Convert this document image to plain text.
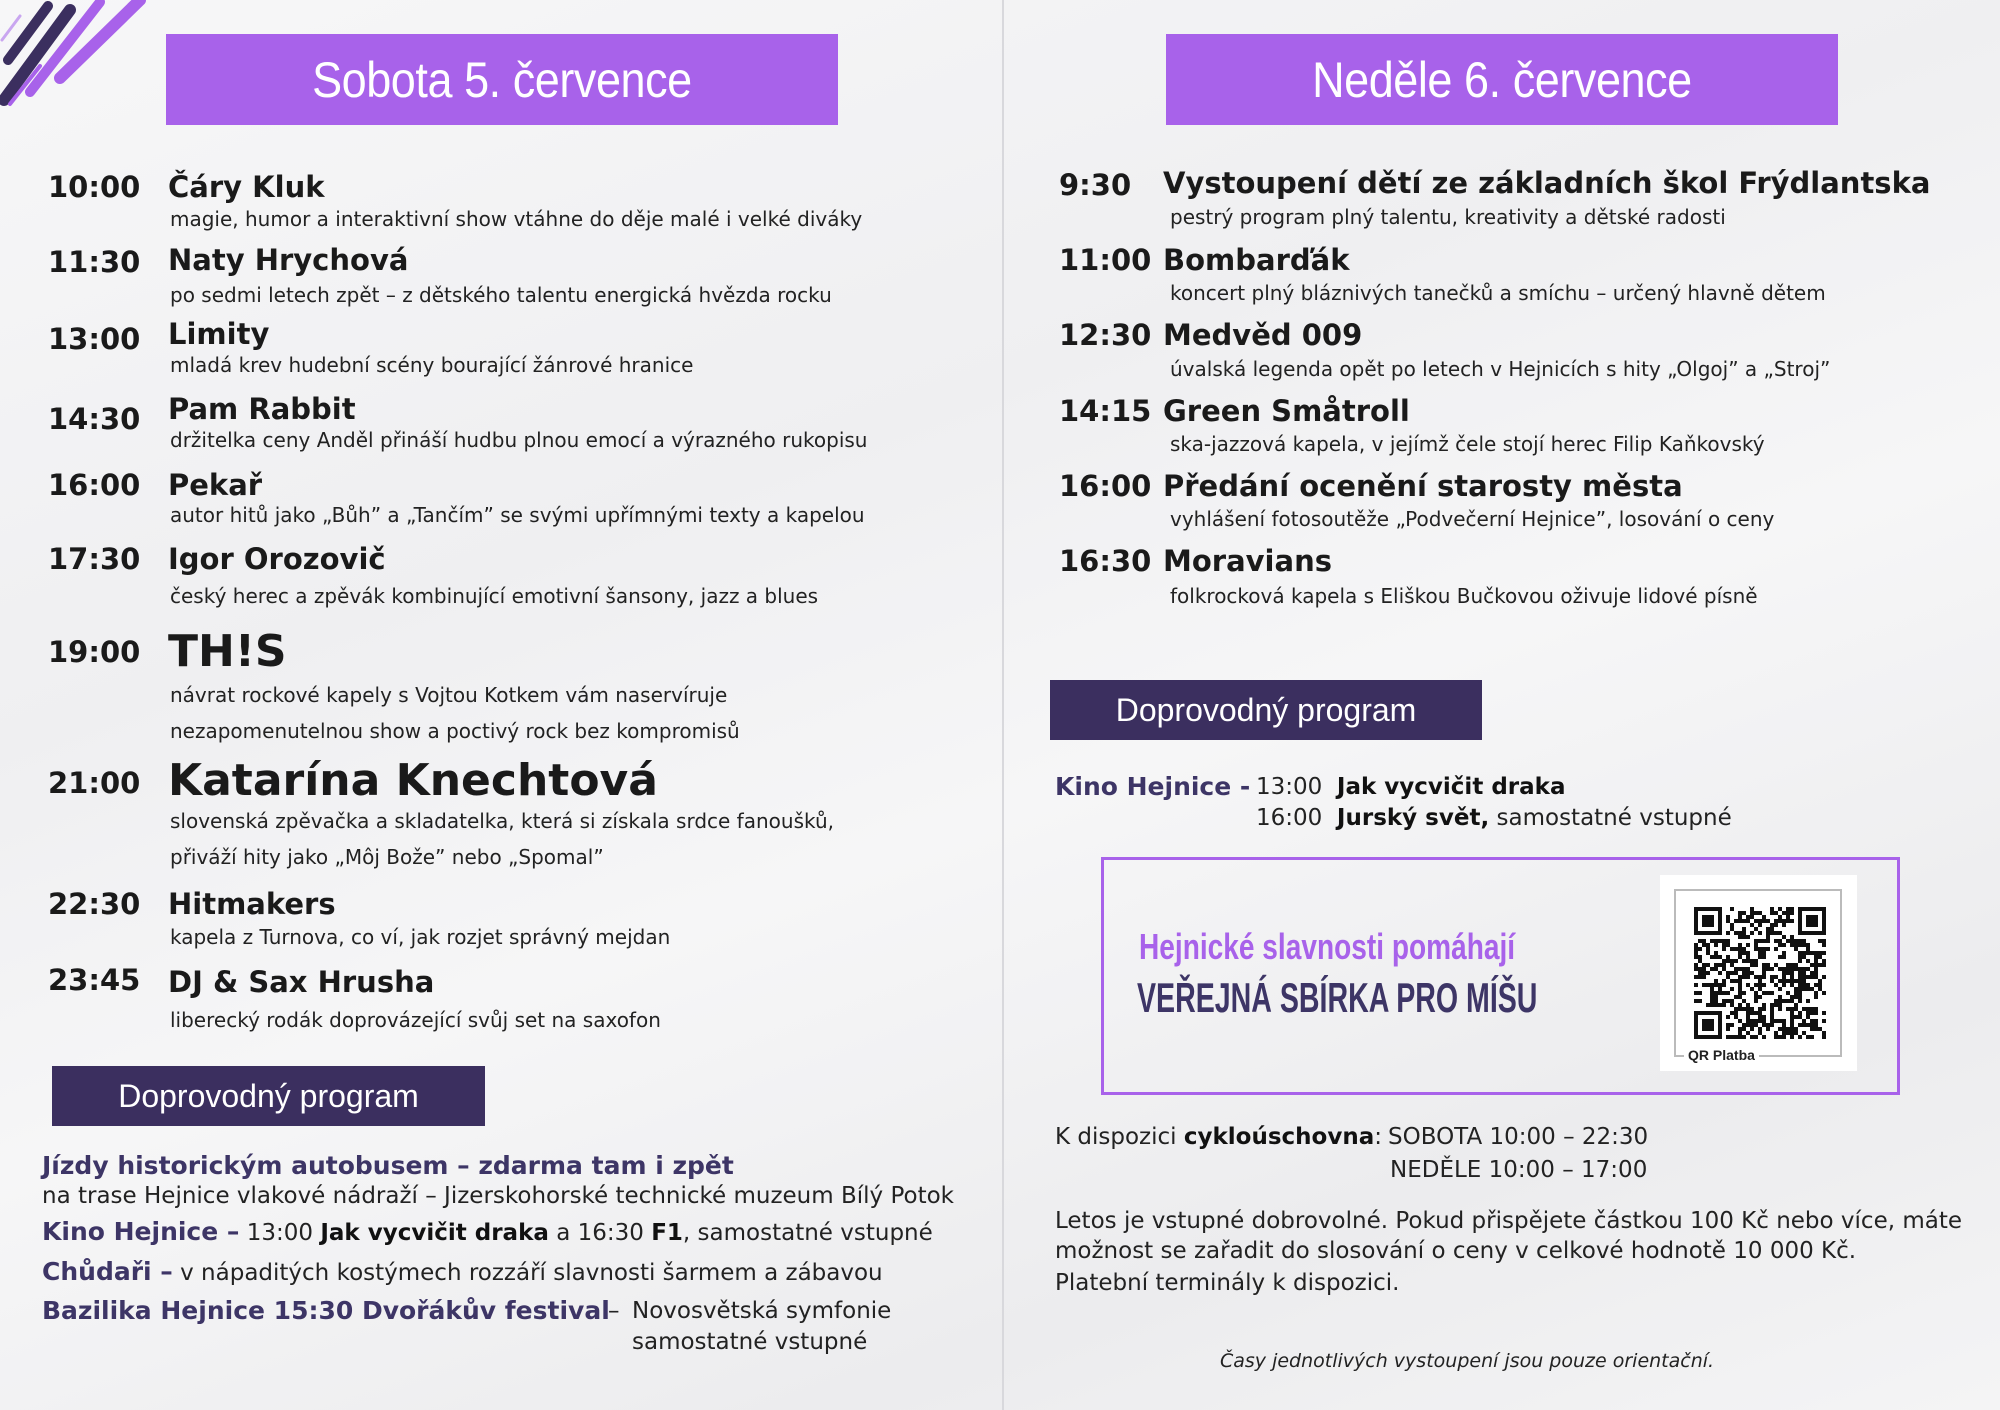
Sobota 5. července	Neděle 6. července
10:00 Čáry Kluk
magie, humor a interaktivní show vtáhne do děje malé i velké diváky
11:30 Naty Hrychová
po sedmi letech zpět – z dětského talentu energická hvězda rocku
13:00 Limity
mladá krev hudební scény bourající žánrové hranice
14:30 Pam Rabbit
držitelka ceny Anděl přináší hudbu plnou emocí a výrazného rukopisu
16:00 Pekař
autor hitů jako „Bůh” a „Tančím” se svými upřímnými texty a kapelou
17:30 Igor Orozovič
český herec a zpěvák kombinující emotivní šansony, jazz a blues
19:00 TH!S
návrat rockové kapely s Vojtou Kotkem vám naservíruje
nezapomenutelnou show a poctivý rock bez kompromisů
21:00 Katarína Knechtová
slovenská zpěvačka a skladatelka, která si získala srdce fanoušků,
přiváží hity jako „Môj Bože” nebo „Spomal”
22:30 Hitmakers
kapela z Turnova, co ví, jak rozjet správný mejdan
23:45 DJ & Sax Hrusha
liberecký rodák doprovázející svůj set na saxofon
9:30 Vystoupení dětí ze základních škol Frýdlantska
pestrý program plný talentu, kreativity a dětské radosti
11:00 Bombarďák
koncert plný bláznivých tanečků a smíchu – určený hlavně dětem
12:30 Medvěd 009
úvalská legenda opět po letech v Hejnicích s hity „Olgoj” a „Stroj”
14:15 Green Småtroll
ska-jazzová kapela, v jejímž čele stojí herec Filip Kaňkovský
16:00 Předání ocenění starosty města
vyhlášení fotosoutěže „Podvečerní Hejnice”, losování o ceny
16:30 Moravians
folkrocková kapela s Eliškou Bučkovou oživuje lidové písně
Doprovodný program
Jízdy historickým autobusem – zdarma tam i zpět
na trase Hejnice vlakové nádraží – Jizerskohorské technické muzeum Bílý Potok
Kino Hejnice – 13:00 Jak vycvičit draka a 16:30 F1, samostatné vstupné
Chůdaři – v nápaditých kostýmech rozzáří slavnosti šarmem a zábavou
Bazilika Hejnice 15:30 Dvořákův festival
– Novosvětská symfonie
samostatné vstupné
Doprovodný program
Kino Hejnice - 13:00 Jak vycvičit draka
16:00 Jurský svět, samostatné vstupné
Hejnické slavnosti pomáhají
VEŘEJNÁ SBÍRKA PRO MÍŠU
QR Platba
K dispozici cykloúschovna: SOBOTA 10:00 – 22:30
NEDĚLE 10:00 – 17:00
Letos je vstupné dobrovolné. Pokud přispějete částkou 100 Kč nebo více, máte
možnost se zařadit do slosování o ceny v celkové hodnotě 10 000 Kč.
Platební terminály k dispozici.
Časy jednotlivých vystoupení jsou pouze orientační.
